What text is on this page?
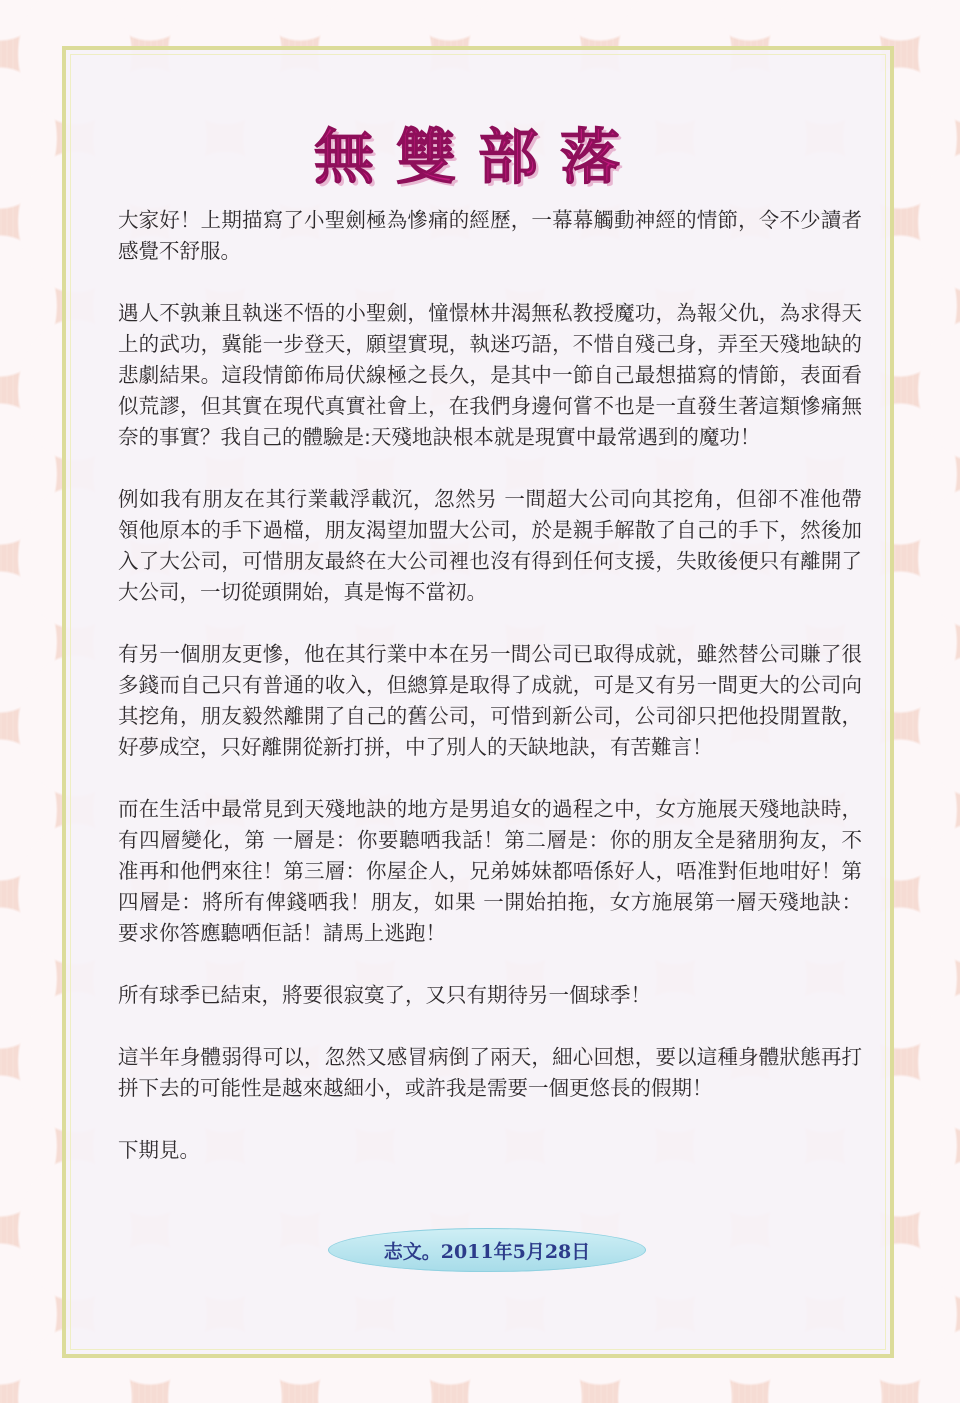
無雙部落

大家好！上期描寫了小聖劍極為慘痛的經歷，一幕幕觸動神經的情節，令不少讀者感覺不舒服。

遇人不孰兼且執迷不悟的小聖劍，憧憬林井渴無私教授魔功，為報父仇，為求得天上的武功，冀能一步登天，願望實現，執迷巧語，不惜自殘己身，弄至天殘地缺的悲劇結果。這段情節佈局伏線極之長久，是其中一節自己最想描寫的情節，表面看似荒謬，但其實在現代真實社會上，在我們身邊何嘗不也是一直發生著這類慘痛無奈的事實？我自己的體驗是:天殘地訣根本就是現實中最常遇到的魔功！

例如我有朋友在其行業載浮載沉，忽然另 一間超大公司向其挖角，但卻不准他帶領他原本的手下過檔，朋友渴望加盟大公司，於是親手解散了自己的手下，然後加入了大公司，可惜朋友最終在大公司裡也沒有得到任何支援，失敗後便只有離開了大公司，一切從頭開始，真是悔不當初。

有另一個朋友更慘，他在其行業中本在另一間公司已取得成就，雖然替公司賺了很多錢而自己只有普通的收入，但總算是取得了成就，可是又有另一間更大的公司向其挖角，朋友毅然離開了自己的舊公司，可惜到新公司，公司卻只把他投閒置散，好夢成空，只好離開從新打拼，中了別人的天缺地訣，有苦難言！

而在生活中最常見到天殘地訣的地方是男追女的過程之中，女方施展天殘地訣時，有四層變化，第 一層是：你要聽哂我話！第二層是：你的朋友全是豬朋狗友，不准再和他們來往！第三層：你屋企人，兄弟姊妹都唔係好人，唔准對佢地咁好！第四層是：將所有俾錢哂我！朋友，如果 一開始拍拖，女方施展第一層天殘地訣：要求你答應聽哂佢話！請馬上逃跑！

所有球季已結束，將要很寂寞了，又只有期待另一個球季！

這半年身體弱得可以，忽然又感冒病倒了兩天，細心回想，要以這種身體狀態再打拼下去的可能性是越來越細小，或許我是需要一個更悠長的假期！

下期見。

志文。2011年5月28日
